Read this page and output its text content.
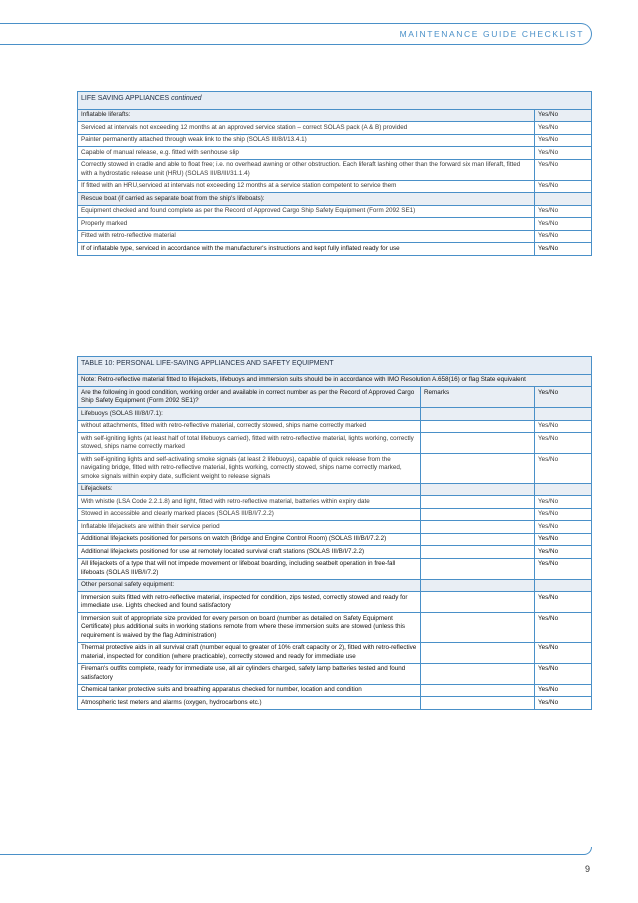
MAINTENANCE GUIDE CHECKLIST
LIFE SAVING APPLIANCES continued	
Inflatable liferafts:	Yes/No
Serviced at intervals not exceeding 12 months at an approved service station – correct SOLAS pack (A & B) provided	Yes/No
Painter permanently attached through weak link to the ship (SOLAS III/8/I/13.4.1)	Yes/No
Capable of manual release, e.g. fitted with senhouse slip	Yes/No
Correctly stowed in cradle and able to float free; i.e. no overhead awning or other obstruction. Each liferaft lashing other than the forward six man liferaft, fitted with a hydrostatic release unit (HRU) (SOLAS III/B/III/31.1.4)	Yes/No
If fitted with an HRU,serviced at intervals not exceeding 12 months at a service station competent to service them	Yes/No
Rescue boat (if carried as separate boat from the ship's lifeboats):	
Equipment checked and found complete as per the Record of Approved Cargo Ship Safety Equipment (Form 2092 SE1)	Yes/No
Properly marked	Yes/No
Fitted with retro-reflective material	Yes/No
If of inflatable type, serviced in accordance with the manufacturer's instructions and kept fully inflated ready for use	Yes/No
TABLE 10: PERSONAL LIFE-SAVING APPLIANCES AND SAFETY EQUIPMENT		
Note: Retro-reflective material fitted to lifejackets, lifebuoys and immersion suits should be in accordance with IMO Resolution A.658(16) or flag State equivalent		
Are the following in good condition, working order and available in correct number as per the Record of Approved Cargo Ship Safety Equipment (Form 2092 SE1)?	Remarks	Yes/No
Lifebuoys (SOLAS III/8/I/7.1):		
without attachments, fitted with retro-reflective material, correctly stowed, ships name correctly marked		Yes/No
with self-igniting lights (at least half of total lifebuoys carried), fitted with retro-reflective material, lights working, correctly stowed, ships name correctly marked		Yes/No
with self-igniting lights and self-activating smoke signals (at least 2 lifebuoys), capable of quick release from the navigating bridge, fitted with retro-reflective material, lights working, correctly stowed, ships name correctly marked, smoke signals within expiry date, sufficient weight to release signals		Yes/No
Lifejackets:		
With whistle (LSA Code 2.2.1.8) and light, fitted with retro-reflective material, batteries within expiry date		Yes/No
Stowed in accessible and clearly marked places (SOLAS III/B/I/7.2.2)		Yes/No
Inflatable lifejackets are within their service period		Yes/No
Additional lifejackets positioned for persons on watch (Bridge and Engine Control Room) (SOLAS III/B/I/7.2.2)		Yes/No
Additional lifejackets positioned for use at remotely located survival craft stations (SOLAS III/B/I/7.2.2)		Yes/No
All lifejackets of a type that will not impede movement or lifeboat boarding, including seatbelt operation in free-fall lifeboats (SOLAS III/B/I/7.2)		Yes/No
Other personal safety equipment:		
Immersion suits fitted with retro-reflective material, inspected for condition, zips tested, correctly stowed and ready for immediate use. Lights checked and found satisfactory		Yes/No
Immersion suit of appropriate size provided for every person on board (number as detailed on Safety Equipment Certificate) plus additional suits in working stations remote from where these immersion suits are stowed (unless this requirement is waived by the flag Administration)		Yes/No
Thermal protective aids in all survival craft (number equal to greater of 10% craft capacity or 2), fitted with retro-reflective material, inspected for condition (where practicable), correctly stowed and ready for immediate use		Yes/No
Fireman's outfits complete, ready for immediate use, all air cylinders charged, safety lamp batteries tested and found satisfactory		Yes/No
Chemical tanker protective suits and breathing apparatus checked for number, location and condition		Yes/No
Atmospheric test meters and alarms (oxygen, hydrocarbons etc.)		Yes/No
9
